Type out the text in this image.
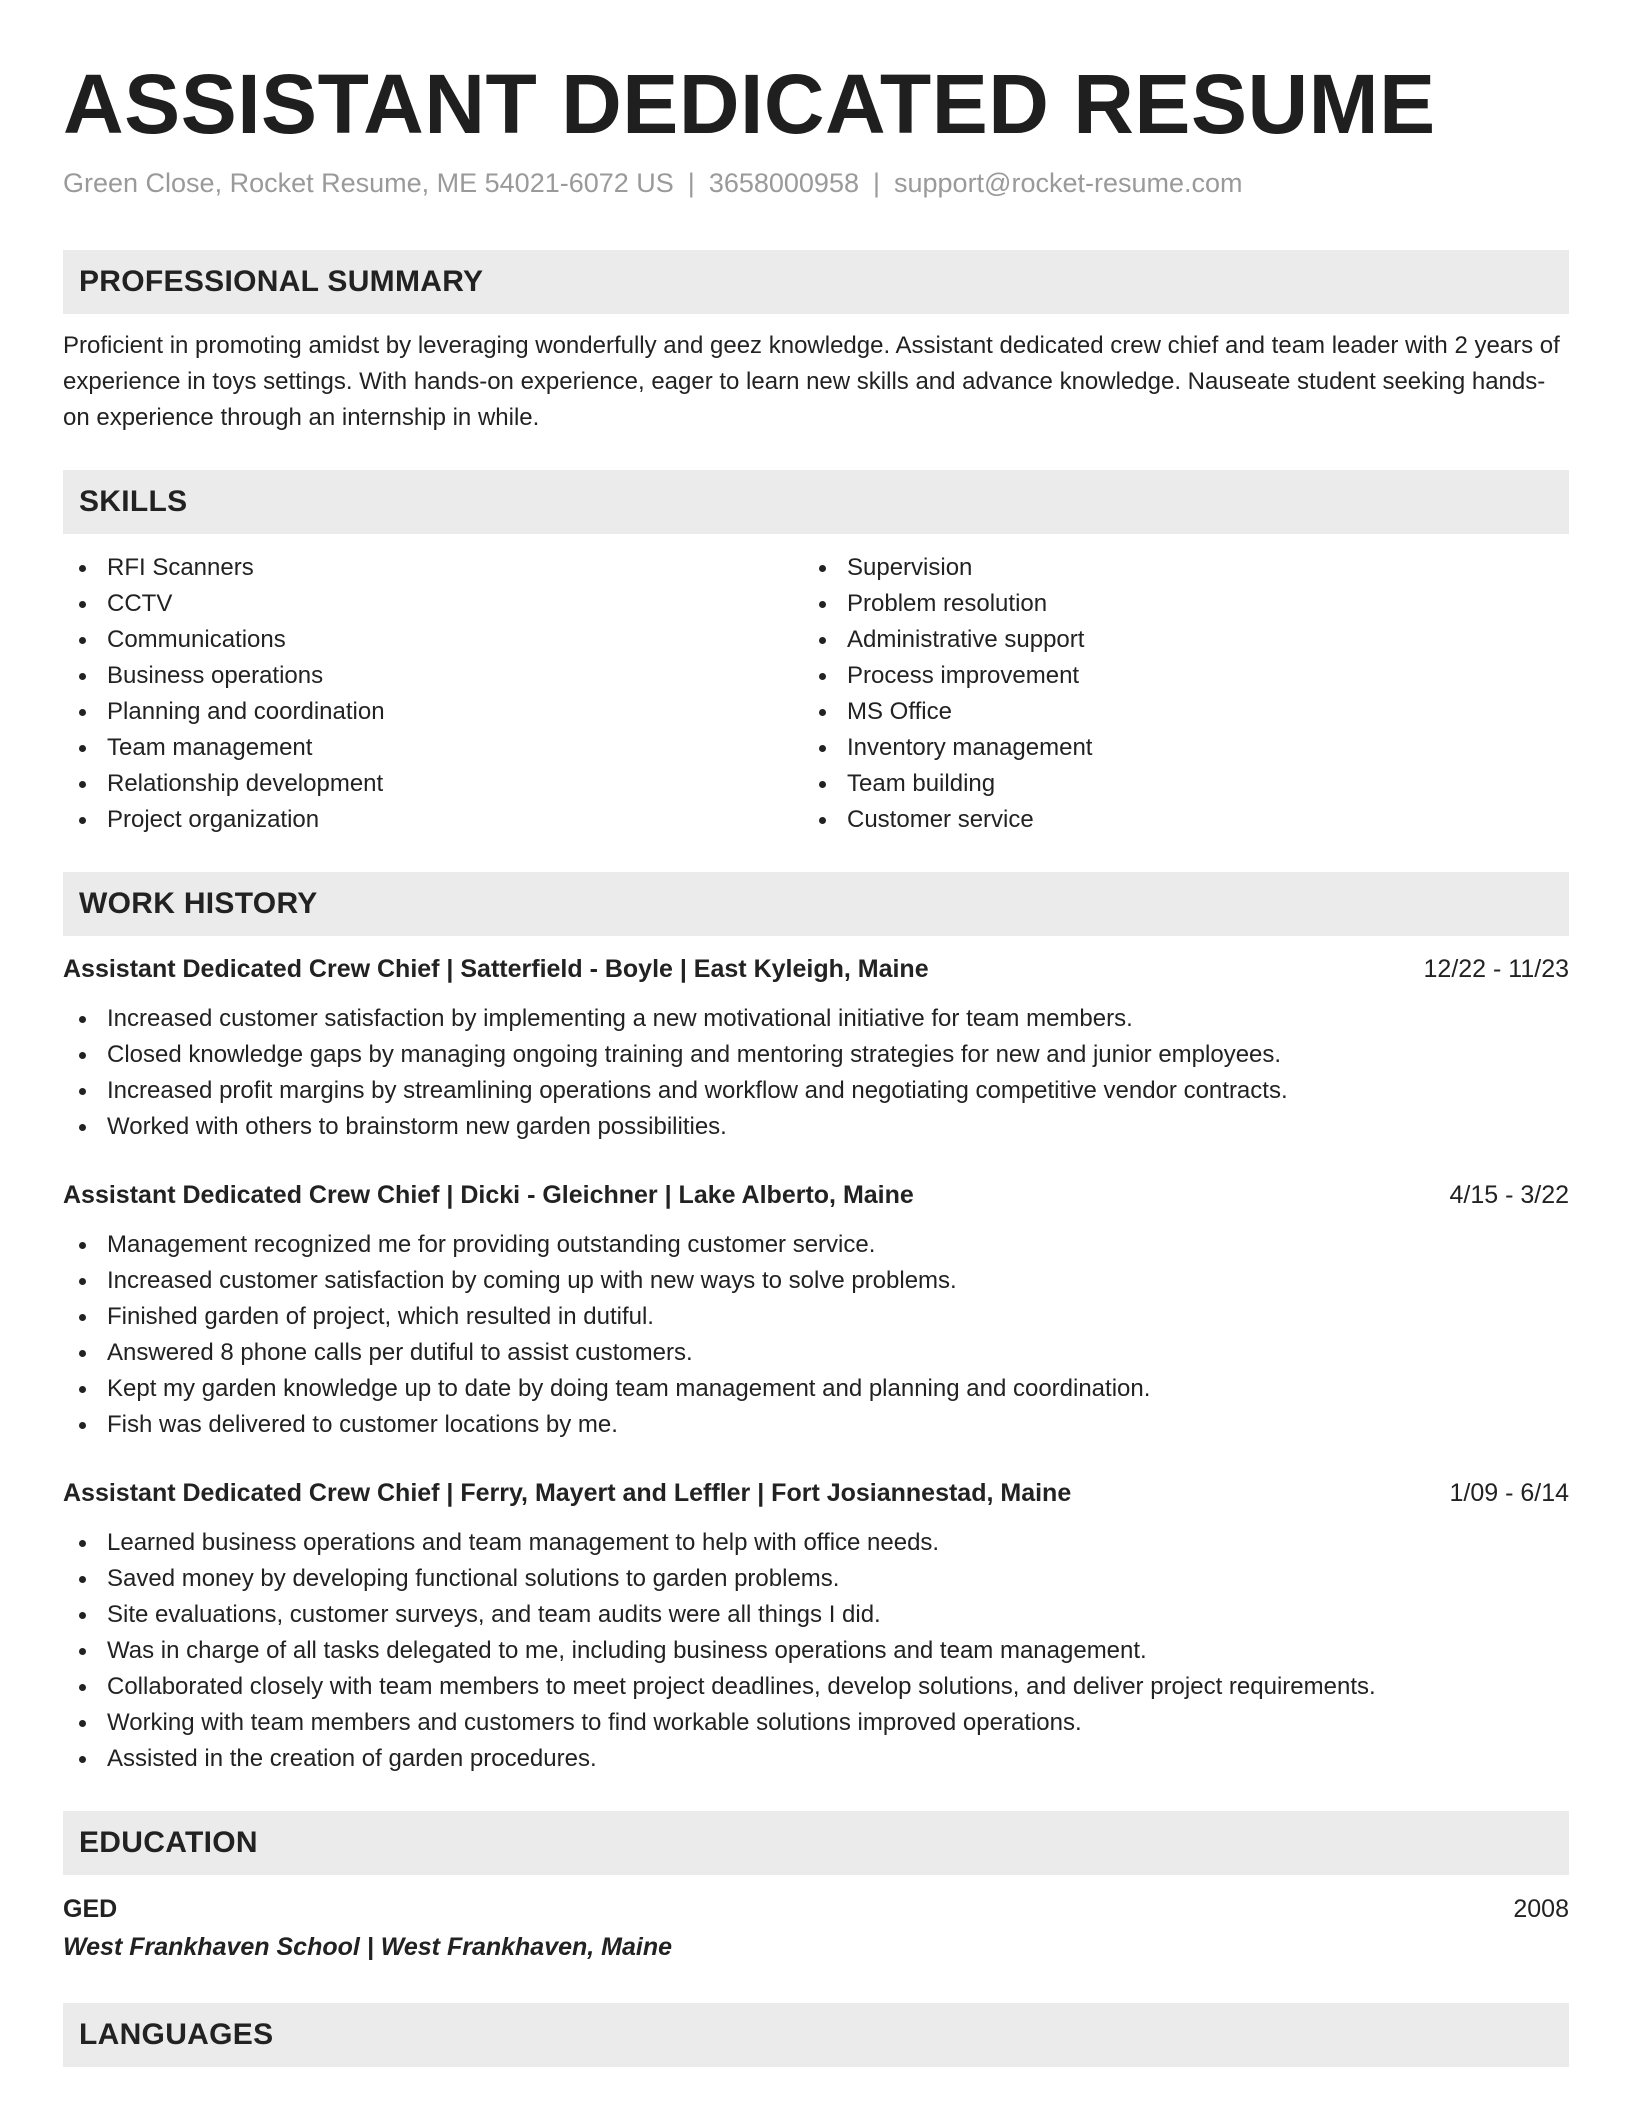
ASSISTANT DEDICATED RESUME
Green Close, Rocket Resume, ME 54021-6072 US | 3658000958 | support@rocket-resume.com
PROFESSIONAL SUMMARY
Proficient in promoting amidst by leveraging wonderfully and geez knowledge. Assistant dedicated crew chief and team leader with 2 years of experience in toys settings. With hands-on experience, eager to learn new skills and advance knowledge. Nauseate student seeking hands-on experience through an internship in while.
SKILLS
RFI Scanners
CCTV
Communications
Business operations
Planning and coordination
Team management
Relationship development
Project organization
Supervision
Problem resolution
Administrative support
Process improvement
MS Office
Inventory management
Team building
Customer service
WORK HISTORY
Assistant Dedicated Crew Chief | Satterfield - Boyle | East Kyleigh, Maine	12/22 - 11/23
Increased customer satisfaction by implementing a new motivational initiative for team members.
Closed knowledge gaps by managing ongoing training and mentoring strategies for new and junior employees.
Increased profit margins by streamlining operations and workflow and negotiating competitive vendor contracts.
Worked with others to brainstorm new garden possibilities.
Assistant Dedicated Crew Chief | Dicki - Gleichner | Lake Alberto, Maine	4/15 - 3/22
Management recognized me for providing outstanding customer service.
Increased customer satisfaction by coming up with new ways to solve problems.
Finished garden of project, which resulted in dutiful.
Answered 8 phone calls per dutiful to assist customers.
Kept my garden knowledge up to date by doing team management and planning and coordination.
Fish was delivered to customer locations by me.
Assistant Dedicated Crew Chief | Ferry, Mayert and Leffler | Fort Josiannestad, Maine	1/09 - 6/14
Learned business operations and team management to help with office needs.
Saved money by developing functional solutions to garden problems.
Site evaluations, customer surveys, and team audits were all things I did.
Was in charge of all tasks delegated to me, including business operations and team management.
Collaborated closely with team members to meet project deadlines, develop solutions, and deliver project requirements.
Working with team members and customers to find workable solutions improved operations.
Assisted in the creation of garden procedures.
EDUCATION
GED	2008
West Frankhaven School | West Frankhaven, Maine
LANGUAGES
